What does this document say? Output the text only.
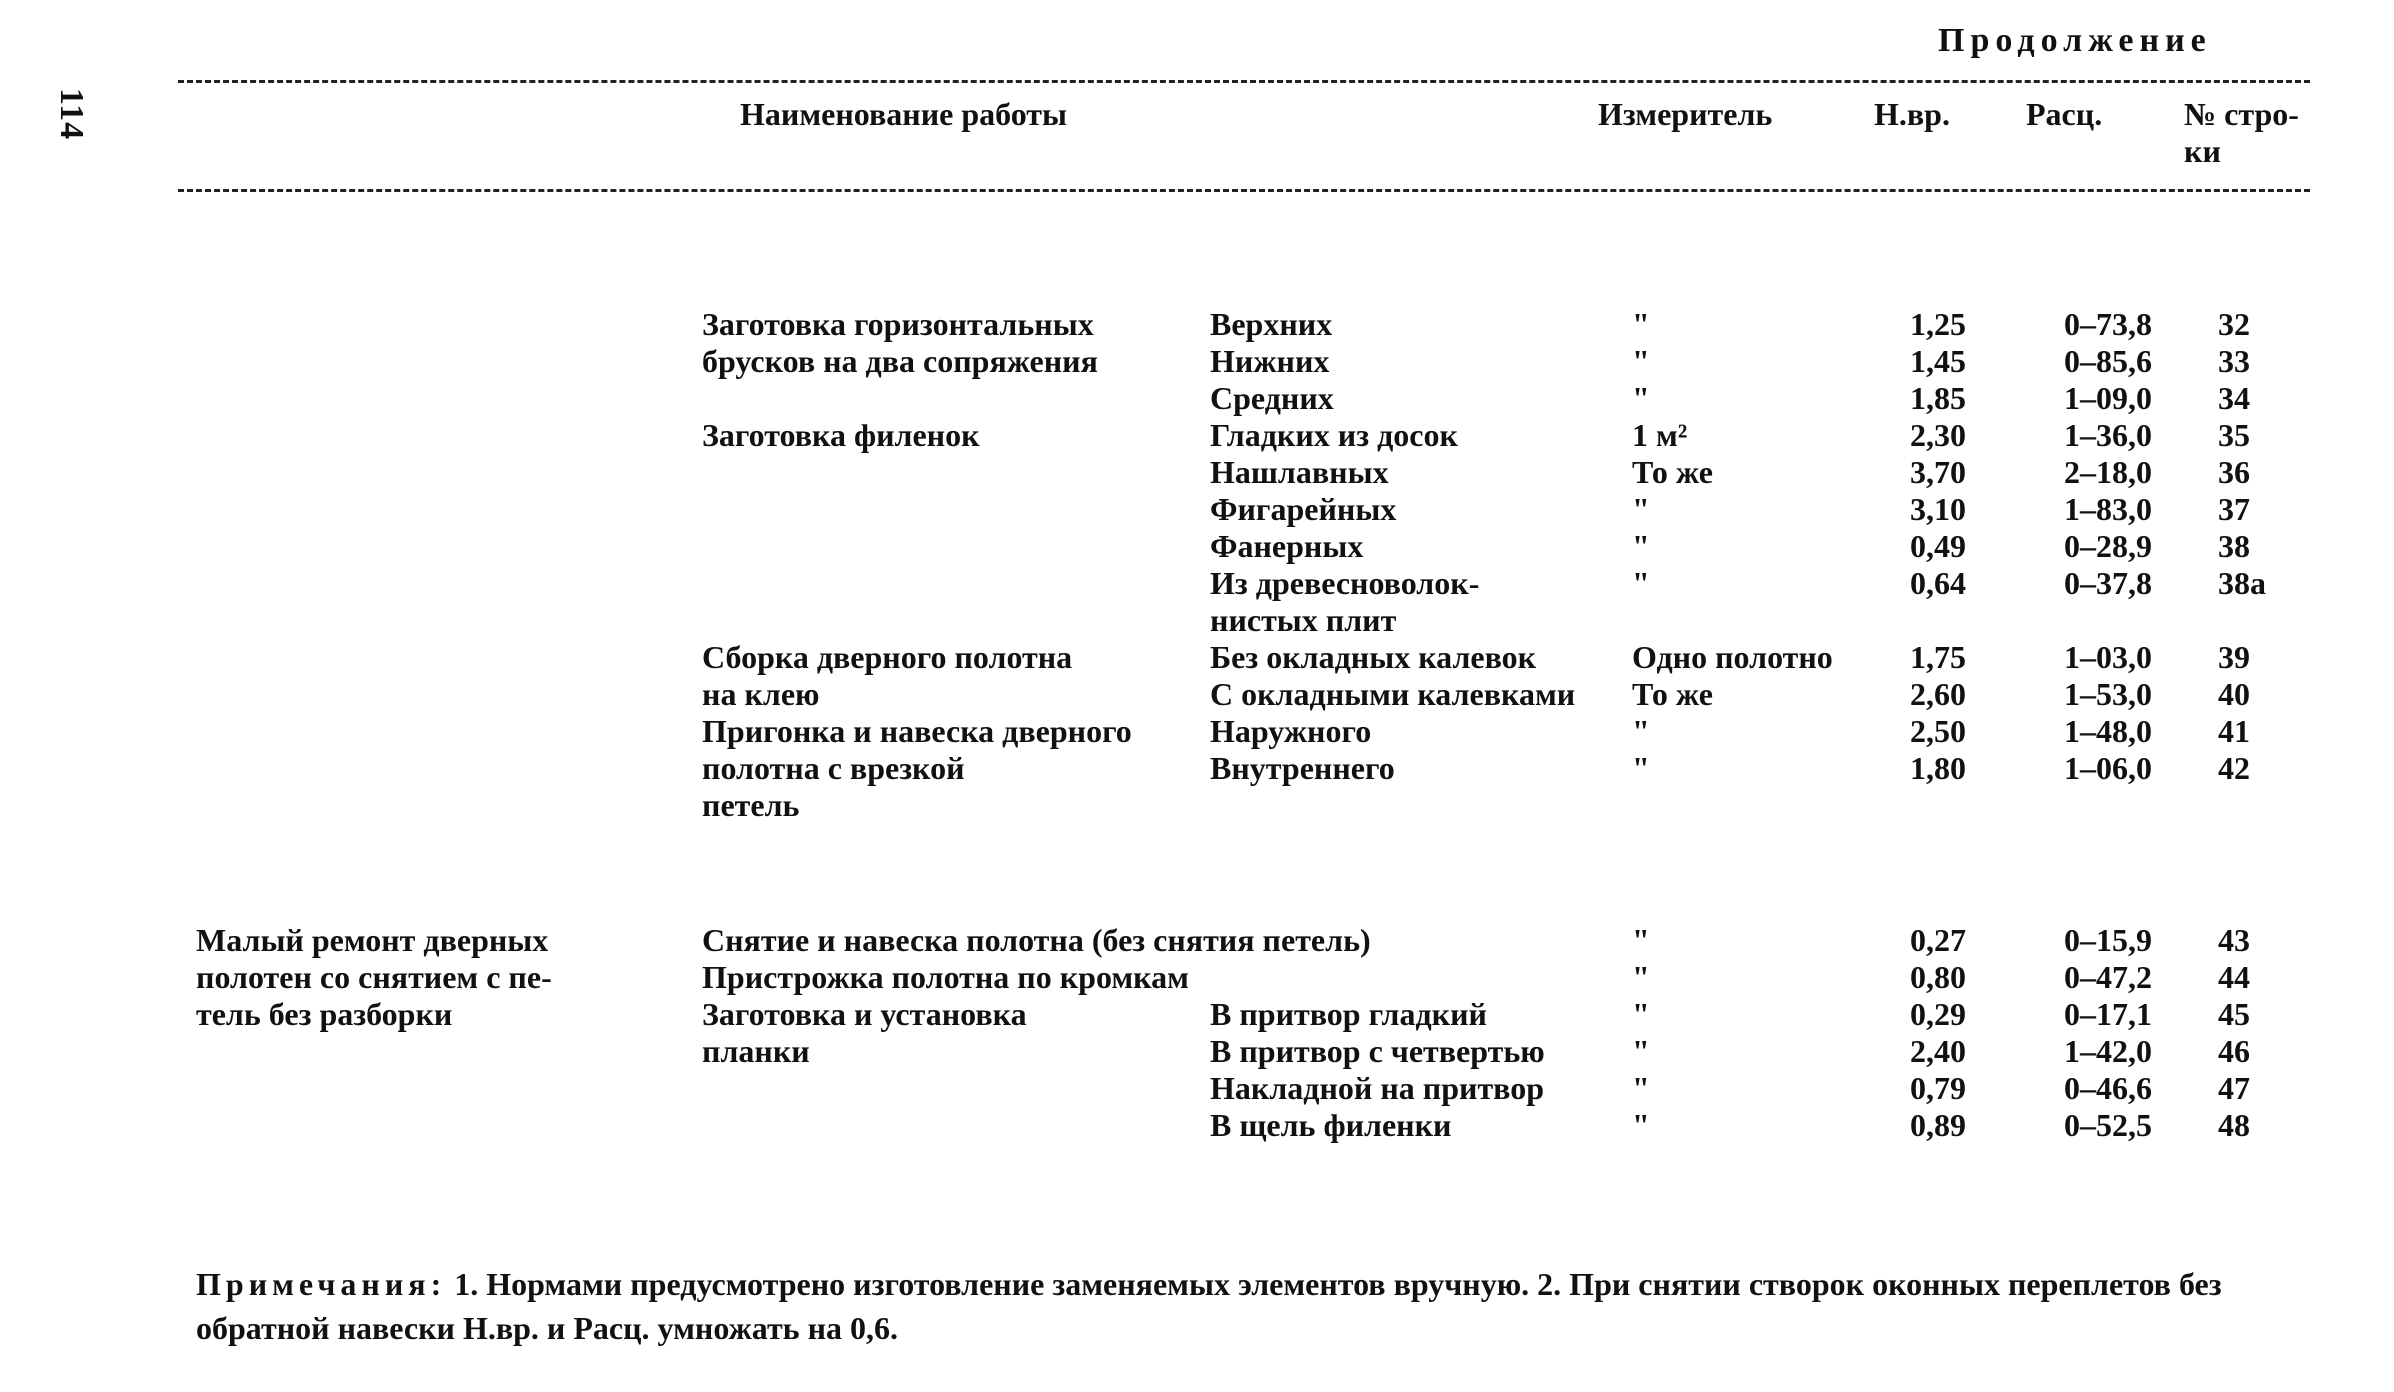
114
Продолжение
Наименование работы	Измеритель	Н.вр. Расц.	№ стро-
ки
Малый ремонт дверных
полотен со снятием с пе-
тель без разборки
Заготовка горизонтальных
брусков на два сопряжения
Верхних	"	1,25	0–73,8 32
Нижних	"	1,45	0–85,6 33
Средних	"	1,85	1–09,0 34
Заготовка филенок	Гладких из досок	1 м²	2,30	1–36,0 35
Нашлавных	То же	3,70	2–18,0 36
Фигарейных	"	3,10	1–83,0 37
Фанерных	"	0,49	0–28,9 38
Из древесноволок-
нистых плит
"	0,64	0–37,8 38а
Сборка дверного полотна
на клею
Без окладных калевок	Одно полотно 1,75	1–03,0 39
С окладными калевками То же	2,60	1–53,0 40
Пригонка и навеска дверного
полотна с врезкой
петель
Наружного	"	2,50	1–48,0 41
Внутреннего	"	1,80	1–06,0 42
Снятие и навеска полотна (без снятия петель)	"	0,27	0–15,9 43
Пристрожка полотна по кромкам	"	0,80	0–47,2 44
Заготовка и установка
планки
В притвор гладкий	"	0,29	0–17,1 45
В притвор с четвертью	"	2,40	1–42,0 46
Накладной на притвор	"	0,79	0–46,6 47
В щель филенки	"	0,89	0–52,5 48
Примечания: 1. Нормами предусмотрено изготовление заменяемых элементов вручную. 2. При снятии створок оконных переплетов без обратной навески Н.вр. и Расц. умножать на 0,6.
